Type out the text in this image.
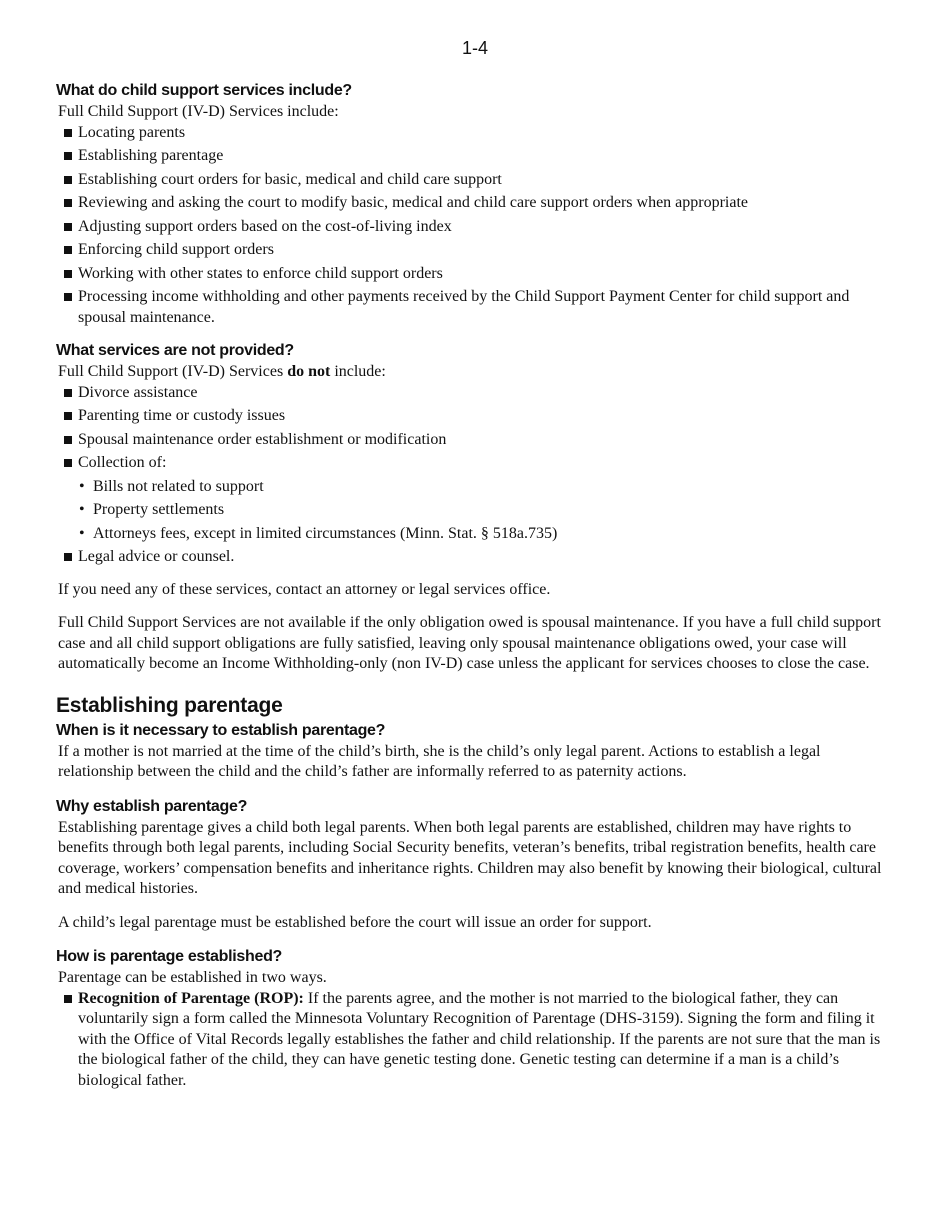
1-4
What do child support services include?

Full Child Support (IV-D) Services include:

Locating parents
Establishing parentage
Establishing court orders for basic, medical and child care support
Reviewing and asking the court to modify basic, medical and child care support orders when appropriate
Adjusting support orders based on the cost-of-living index
Enforcing child support orders
Working with other states to enforce child support orders
Processing income withholding and other payments received by the Child Support Payment Center for child support and spousal maintenance.
What services are not provided?

Full Child Support (IV-D) Services do not include:

Divorce assistance
Parenting time or custody issues
Spousal maintenance order establishment or modification
Collection of:
• Bills not related to support
• Property settlements
• Attorneys fees, except in limited circumstances (Minn. Stat. § 518a.735)
Legal advice or counsel.

If you need any of these services, contact an attorney or legal services office.

Full Child Support Services are not available if the only obligation owed is spousal maintenance. If you have a full child support case and all child support obligations are fully satisfied, leaving only spousal maintenance obligations owed, your case will automatically become an Income Withholding-only (non IV-D) case unless the applicant for services chooses to close the case.

Establishing parentage
When is it necessary to establish parentage?

If a mother is not married at the time of the child’s birth, she is the child’s only legal parent. Actions to establish a legal relationship between the child and the child’s father are informally referred to as paternity actions.

Why establish parentage?

Establishing parentage gives a child both legal parents. When both legal parents are established, children may have rights to benefits through both legal parents, including Social Security benefits, veteran’s benefits, tribal registration benefits, health care coverage, workers’ compensation benefits and inheritance rights. Children may also benefit by knowing their biological, cultural and medical histories.

A child’s legal parentage must be established before the court will issue an order for support.

How is parentage established?

Parentage can be established in two ways.

Recognition of Parentage (ROP): If the parents agree, and the mother is not married to the biological father, they can voluntarily sign a form called the Minnesota Voluntary Recognition of Parentage (DHS-3159). Signing the form and filing it with the Office of Vital Records legally establishes the father and child relationship. If the parents are not sure that the man is the biological father of the child, they can have genetic testing done. Genetic testing can determine if a man is a child’s biological father.
